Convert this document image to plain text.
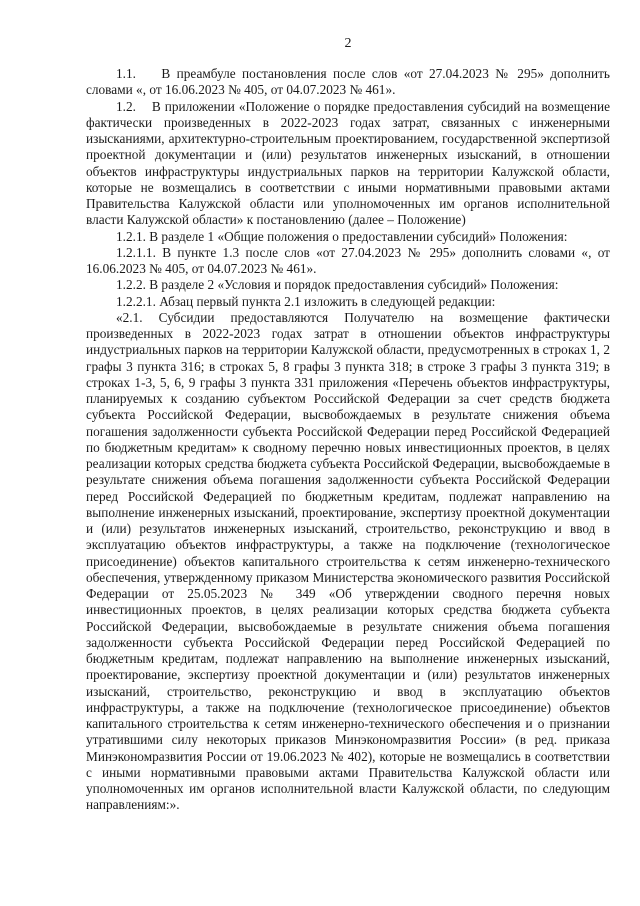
2

1.1.    В преамбуле постановления после слов «от 27.04.2023 № 295» дополнить словами «, от 16.06.2023 № 405, от 04.07.2023 № 461».

1.2.    В приложении «Положение о порядке предоставления субсидий на возмещение фактически произведенных в 2022-2023 годах затрат, связанных с инженерными изысканиями, архитектурно-строительным проектированием, государственной экспертизой проектной документации и (или) результатов инженерных изысканий, в отношении объектов инфраструктуры индустриальных парков на территории Калужской области, которые не возмещались в соответствии с иными нормативными правовыми актами Правительства Калужской области или уполномоченных им органов исполнительной власти Калужской области» к постановлению (далее – Положение)

1.2.1. В разделе 1 «Общие положения о предоставлении субсидий» Положения:

1.2.1.1. В пункте 1.3 после слов «от 27.04.2023 № 295» дополнить словами «, от 16.06.2023 № 405, от 04.07.2023 № 461».

1.2.2. В разделе 2 «Условия и порядок предоставления субсидий» Положения:

1.2.2.1. Абзац первый пункта 2.1 изложить в следующей редакции:

«2.1. Субсидии предоставляются Получателю на возмещение фактически произведенных в 2022-2023 годах затрат в отношении объектов инфраструктуры индустриальных парков на территории Калужской области, предусмотренных в строках 1, 2 графы 3 пункта 316; в строках 5, 8 графы 3 пункта 318; в строке 3 графы 3 пункта 319; в строках 1-3, 5, 6, 9 графы 3 пункта 331 приложения «Перечень объектов инфраструктуры, планируемых к созданию субъектом Российской Федерации за счет средств бюджета субъекта Российской Федерации, высвобождаемых в результате снижения объема погашения задолженности субъекта Российской Федерации перед Российской Федерацией по бюджетным кредитам» к сводному перечню новых инвестиционных проектов, в целях реализации которых средства бюджета субъекта Российской Федерации, высвобождаемые в результате снижения объема погашения задолженности субъекта Российской Федерации перед Российской Федерацией по бюджетным кредитам, подлежат направлению на выполнение инженерных изысканий, проектирование, экспертизу проектной документации и (или) результатов инженерных изысканий, строительство, реконструкцию и ввод в эксплуатацию объектов инфраструктуры, а также на подключение (технологическое присоединение) объектов капитального строительства к сетям инженерно-технического обеспечения, утвержденному приказом Министерства экономического развития Российской Федерации от 25.05.2023 № 349 «Об утверждении сводного перечня новых инвестиционных проектов, в целях реализации которых средства бюджета субъекта Российской Федерации, высвобождаемые в результате снижения объема погашения задолженности субъекта Российской Федерации перед Российской Федерацией по бюджетным кредитам, подлежат направлению на выполнение инженерных изысканий, проектирование, экспертизу проектной документации и (или) результатов инженерных изысканий, строительство, реконструкцию и ввод в эксплуатацию объектов инфраструктуры, а также на подключение (технологическое присоединение) объектов капитального строительства к сетям инженерно-технического обеспечения и о признании утратившими силу некоторых приказов Минэкономразвития России» (в ред. приказа Минэкономразвития России от 19.06.2023 № 402), которые не возмещались в соответствии с иными нормативными правовыми актами Правительства Калужской области или уполномоченных им органов исполнительной власти Калужской области, по следующим направлениям:».
